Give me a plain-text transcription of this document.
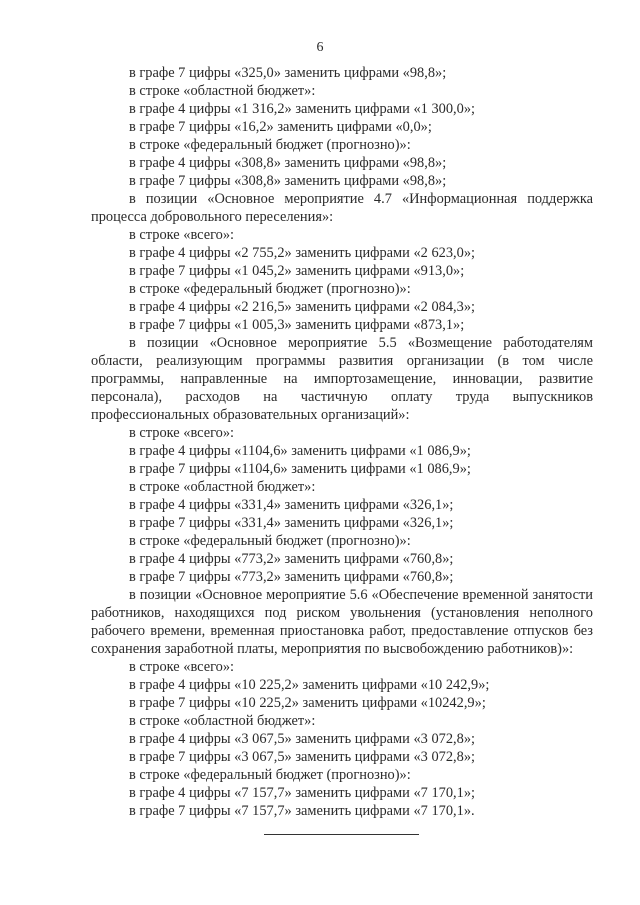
6

в графе 7 цифры «325,0» заменить цифрами «98,8»;

в строке «областной бюджет»:

в графе 4 цифры «1 316,2» заменить цифрами «1 300,0»;

в графе 7 цифры «16,2» заменить цифрами «0,0»;

в строке «федеральный бюджет (прогнозно)»:

в графе 4 цифры «308,8» заменить цифрами «98,8»;

в графе 7 цифры «308,8» заменить цифрами «98,8»;

в позиции «Основное мероприятие 4.7 «Информационная поддержка процесса добровольного переселения»:

в строке «всего»:

в графе 4 цифры «2 755,2» заменить цифрами «2 623,0»;

в графе 7 цифры «1 045,2» заменить цифрами «913,0»;

в строке «федеральный бюджет (прогнозно)»:

в графе 4 цифры «2 216,5» заменить цифрами «2 084,3»;

в графе 7 цифры «1 005,3» заменить цифрами «873,1»;

в позиции «Основное мероприятие 5.5 «Возмещение работодателям области, реализующим программы развития организации (в том числе программы, направленные на импортозамещение, инновации, развитие персонала), расходов на частичную оплату труда выпускников профессиональных образовательных организаций»:

в строке «всего»:

в графе 4 цифры «1104,6» заменить цифрами «1 086,9»;

в графе 7 цифры «1104,6» заменить цифрами «1 086,9»;

в строке «областной бюджет»:

в графе 4 цифры «331,4» заменить цифрами «326,1»;

в графе 7 цифры «331,4» заменить цифрами «326,1»;

в строке «федеральный бюджет (прогнозно)»:

в графе 4 цифры «773,2» заменить цифрами «760,8»;

в графе 7 цифры «773,2» заменить цифрами «760,8»;

в позиции «Основное мероприятие 5.6 «Обеспечение временной занятости работников, находящихся под риском увольнения (установления неполного рабочего времени, временная приостановка работ, предоставление отпусков без сохранения заработной платы, мероприятия по высвобождению работников)»:

в строке «всего»:

в графе 4 цифры «10 225,2» заменить цифрами «10 242,9»;

в графе 7 цифры «10 225,2» заменить цифрами «10242,9»;

в строке «областной бюджет»:

в графе 4 цифры «3 067,5» заменить цифрами «3 072,8»;

в графе 7 цифры «3 067,5» заменить цифрами «3 072,8»;

в строке «федеральный бюджет (прогнозно)»:

в графе 4 цифры «7 157,7» заменить цифрами «7 170,1»;

в графе 7 цифры «7 157,7» заменить цифрами «7 170,1».
